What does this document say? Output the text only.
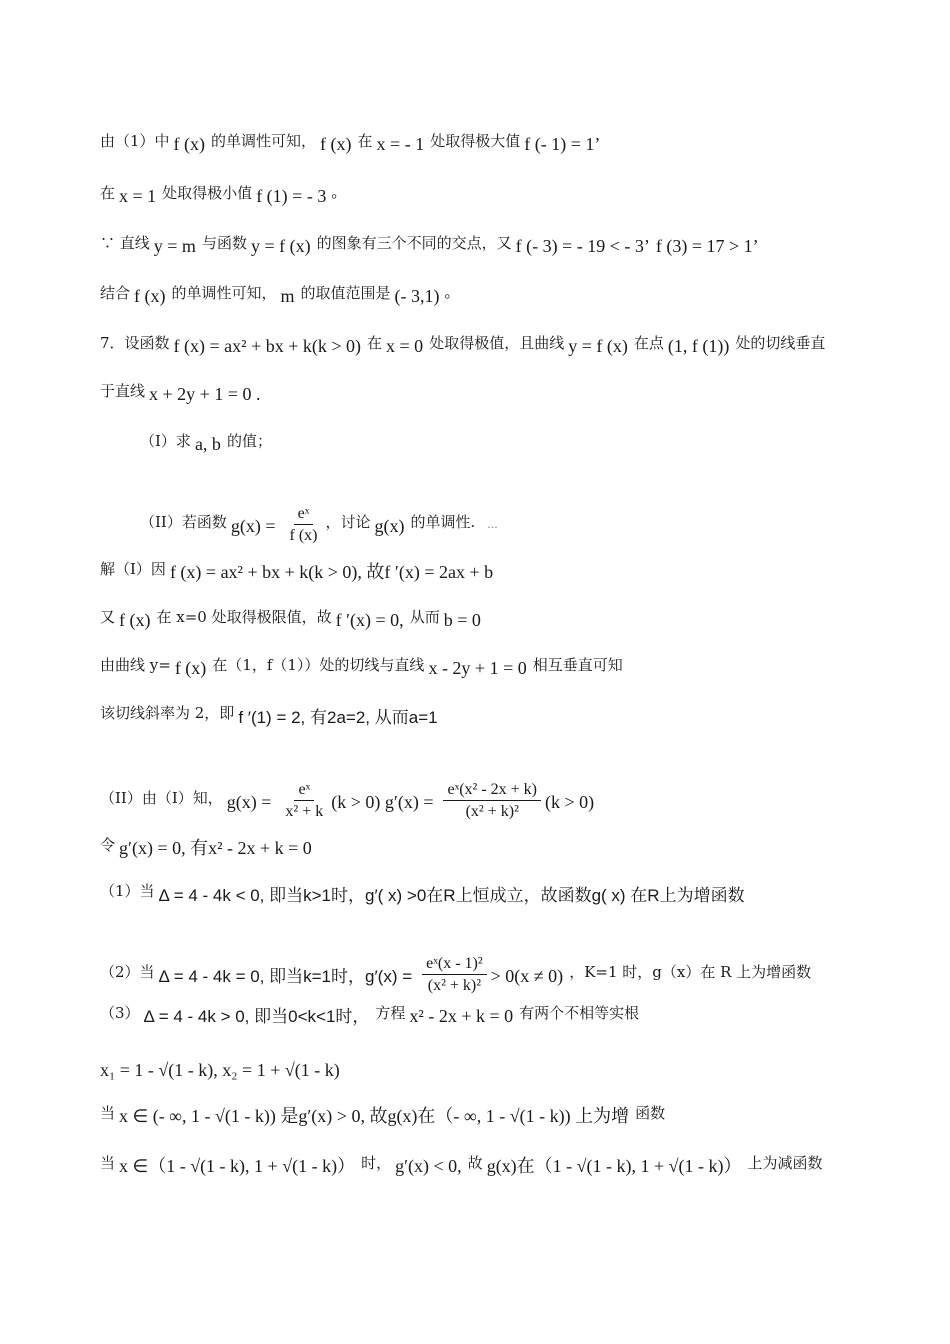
由（1）中 f (x) 的单调性可知， f (x) 在 x = - 1 处取得极大值 f (- 1) = 1’
在 x = 1 处取得极小值 f (1) = - 3 ◦
∵ 直线 y = m 与函数 y = f (x) 的图象有三个不同的交点，又 f (- 3) = - 19 < - 3’ f (3) = 17 > 1’
结合 f (x) 的单调性可知， m 的取值范围是 (- 3,1) ◦
7．设函数 f (x) = ax² + bx + k(k > 0) 在 x = 0 处取得极值，且曲线 y = f (x) 在点 (1, f (1)) 处的切线垂直
于直线 x + 2y + 1 = 0 .
（I）求 a, b 的值；
（II）若函数 $g(x) = \frac{\text{eˣ}}{f (x)}$ ，讨论 g(x) 的单调性. ...
解（I）因 f (x) = ax² + bx + k(k > 0), 故f ′(x) = 2ax + b
又 f (x) 在 x=0 处取得极限值，故 f ′(x) = 0, 从而 b = 0
由曲线 y= f (x) 在（1，f（1））处的切线与直线 x - 2y + 1 = 0 相互垂直可知
该切线斜率为 2，即 f ′(1) = 2, 有2a=2, 从而a=1
（II）由（I）知， $g(x) = \frac{\text{eˣ}}{\text{x² + k}} (k > 0) g'(x) = \frac{\text{eˣ(x² - 2x + k)}}{\text{(x² + k)²}} (k > 0)$
令 g′(x) = 0, 有x² - 2x + k = 0
（1）当 Δ = 4 - 4k < 0, 即当k>1时，g′( x) >0在R上恒成立，故函数g( x) 在R上为增函数
（2）当 Δ = 4 - 4k = 0, 即当k=1时，$g'(x) = \frac{\text{eˣ(x - 1)²}}{\text{(x² + k)²}} > 0(x \ne 0)$ ，K=1 时，g（x）在 R 上为增函数
（3） Δ = 4 - 4k > 0, 即当0<k<1时， 方程 x² - 2x + k = 0 有两个不相等实根
x₁ = 1 - √(1 - k), x₂ = 1 + √(1 - k)
当 x ∈ (- ∞, 1 - √(1 - k)) 是g′(x) > 0, 故g(x)在（- ∞, 1 - √(1 - k)) 上为增 函数
当 x ∈（1 - √(1 - k), 1 + √(1 - k)） 时， g′(x) < 0, 故 g(x)在（1 - √(1 - k), 1 + √(1 - k)） 上为减函数
